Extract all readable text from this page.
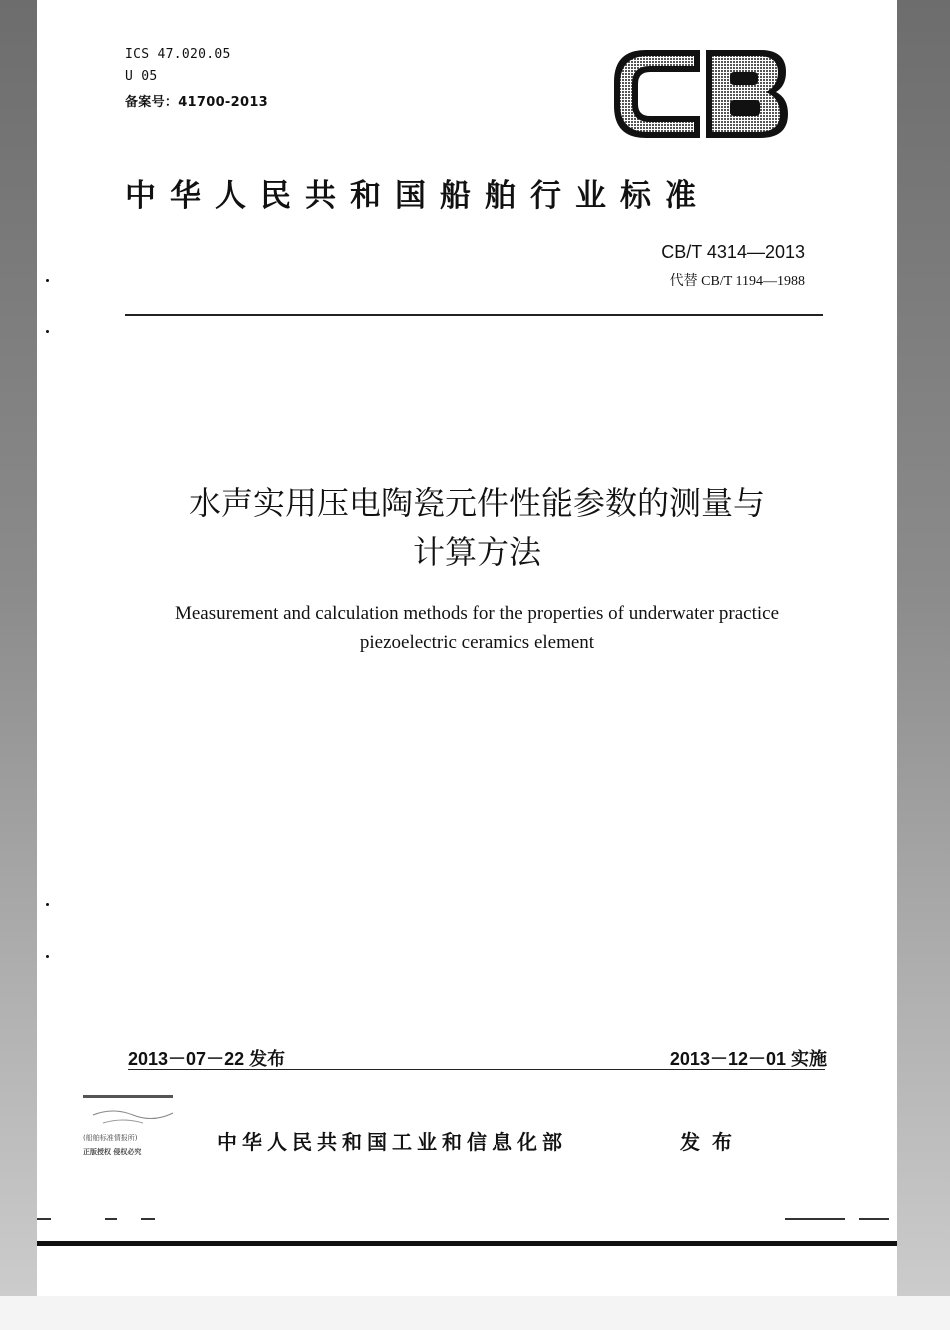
ICS 47.020.05
U 05
备案号：41700-2013
中华人民共和国船舶行业标准
CB/T 4314—2013
代替 CB/T 1194—1988
水声实用压电陶瓷元件性能参数的测量与
计算方法
Measurement and calculation methods for the properties of underwater practice
piezoelectric ceramics element
2013－07－22 发布	2013－12－01 实施
(船舶标准情报所)
正版授权 侵权必究	中华人民共和国工业和信息化部	发布
